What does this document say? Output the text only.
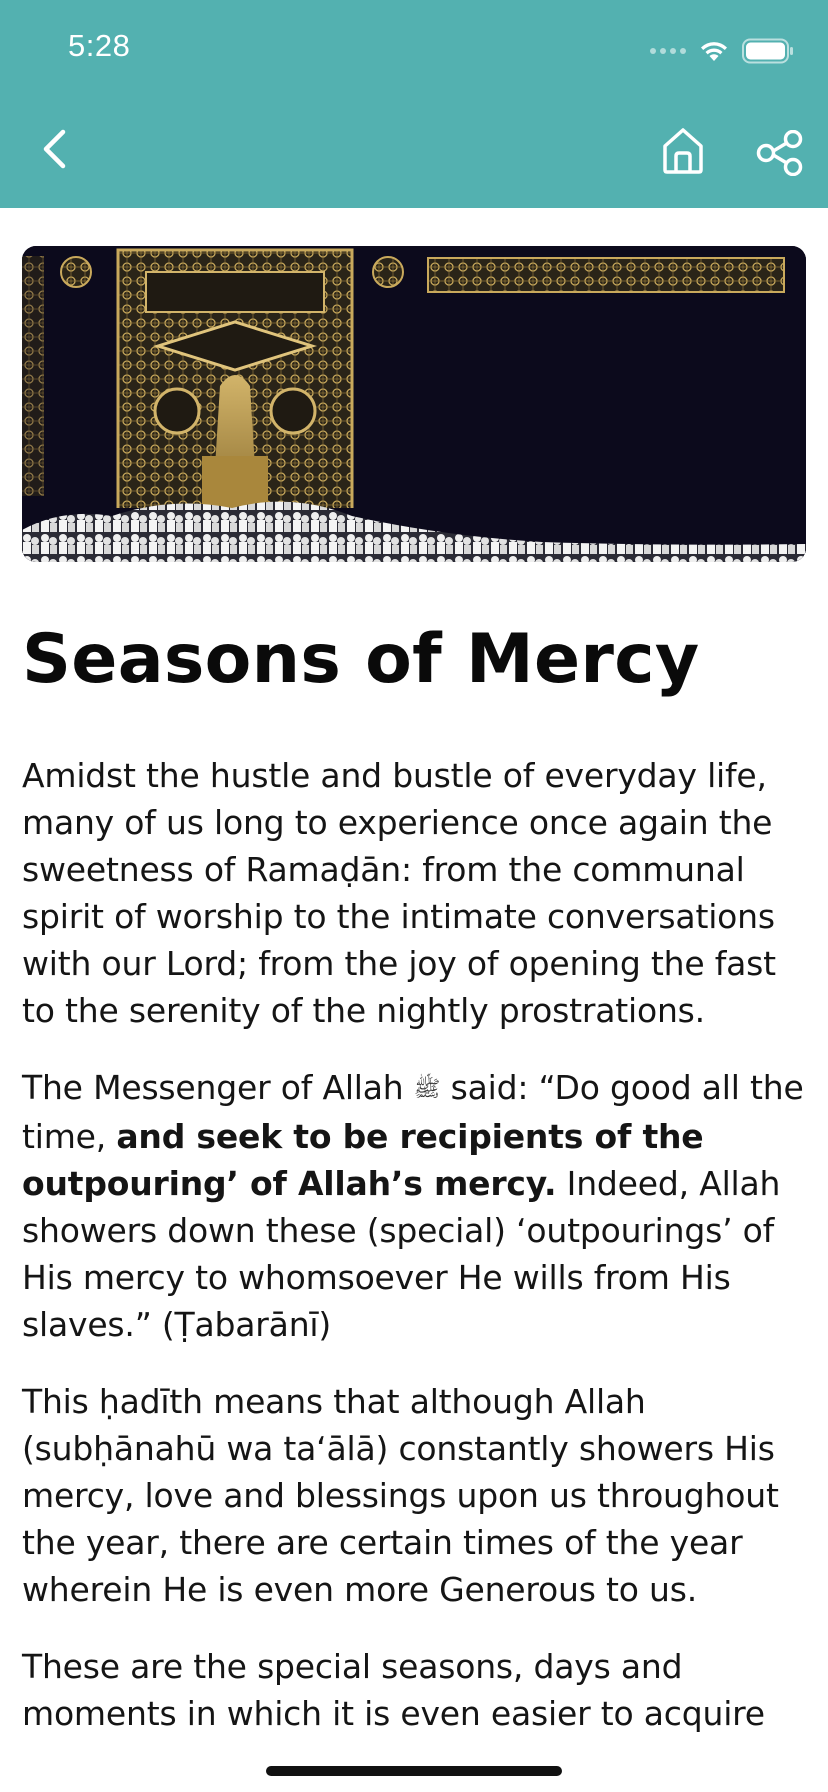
5:28
Seasons of Mercy

Amidst the hustle and bustle of everyday life, many of us long to experience once again the sweetness of Ramaḍān: from the communal spirit of worship to the intimate conversations with our Lord; from the joy of opening the fast to the serenity of the nightly prostrations.

The Messenger of Allah ﷺ said: “Do good all the time, and seek to be recipients of the outpouring’ of Allah’s mercy. Indeed, Allah showers down these (special) ‘outpourings’ of His mercy to whomsoever He wills from His slaves.” (Ṭabarānī)

This ḥadīth means that although Allah (subḥānahū wa ta‘ālā) constantly showers His mercy, love and blessings upon us throughout the year, there are certain times of the year wherein He is even more Generous to us.

These are the special seasons, days and moments in which it is even easier to acquire
